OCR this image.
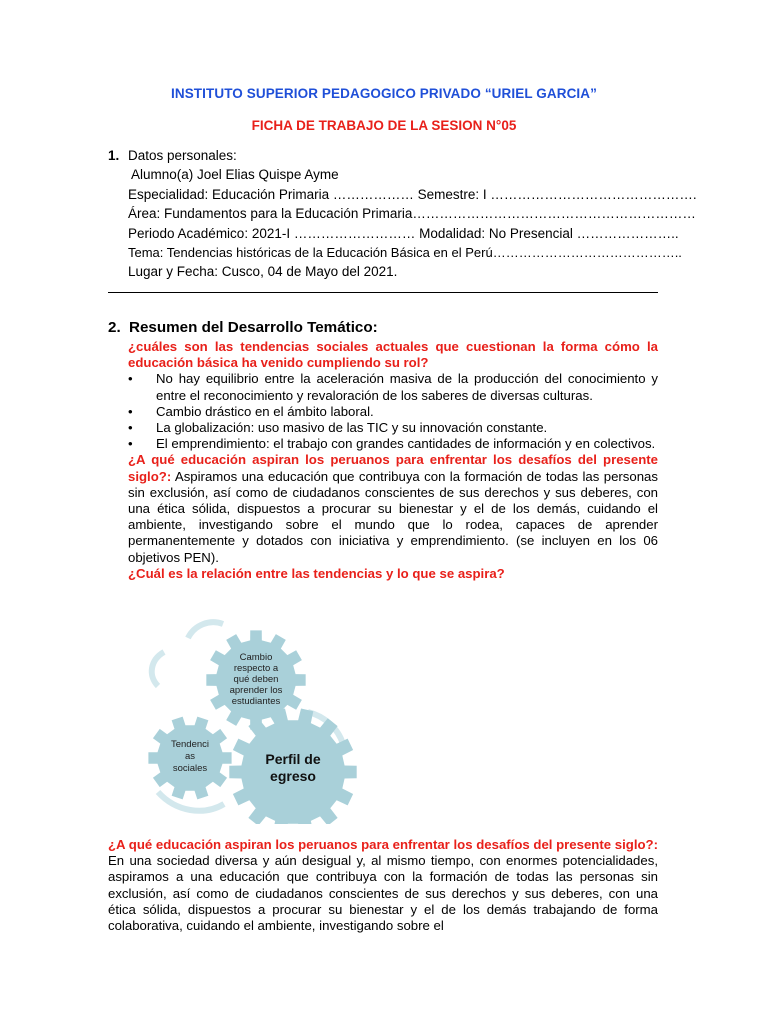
INSTITUTO SUPERIOR PEDAGOGICO PRIVADO “URIEL GARCIA”
FICHA DE TRABAJO DE LA SESION N°05
1. Datos personales:
Alumno(a) Joel Elias Quispe Ayme
Especialidad: Educación Primaria ……………… Semestre: I ……………………………………….
Área: Fundamentos para la Educación Primaria………………………………………………………
Periodo Académico: 2021-I ……………………… Modalidad: No Presencial …………………..
Tema: Tendencias históricas de la Educación Básica en el Perú……………………………………..
Lugar y Fecha: Cusco, 04 de Mayo del 2021.
2. Resumen del Desarrollo Temático:
¿cuáles son las tendencias sociales actuales que cuestionan la forma cómo la educación básica ha venido cumpliendo su rol?
•	No hay equilibrio entre la aceleración masiva de la producción del conocimiento y entre el reconocimiento y revaloración de los saberes de diversas culturas.
•	Cambio drástico en el ámbito laboral.
•	La globalización: uso masivo de las TIC y su innovación constante.
•	El emprendimiento: el trabajo con grandes cantidades de información y en colectivos.
¿A qué educación aspiran los peruanos para enfrentar los desafíos del presente siglo?: Aspiramos una educación que contribuya con la formación de todas las personas sin exclusión, así como de ciudadanos conscientes de sus derechos y sus deberes, con una ética sólida, dispuestos a procurar su bienestar y el de los demás, cuidando el ambiente, investigando sobre el mundo que lo rodea, capaces de aprender permanentemente y dotados con iniciativa y emprendimiento. (se incluyen en los 06 objetivos PEN).
¿Cuál es la relación entre las tendencias y lo que se aspira?
Cambio
respecto a
qué deben
aprender los
estudiantes
Tendenci
as
sociales
Perfil de
egreso
¿A qué educación aspiran los peruanos para enfrentar los desafíos del presente siglo?: En una sociedad diversa y aún desigual y, al mismo tiempo, con enormes potencialidades, aspiramos a una educación que contribuya con la formación de todas las personas sin exclusión, así como de ciudadanos conscientes de sus derechos y sus deberes, con una ética sólida, dispuestos a procurar su bienestar y el de los demás trabajando de forma colaborativa, cuidando el ambiente, investigando sobre el
